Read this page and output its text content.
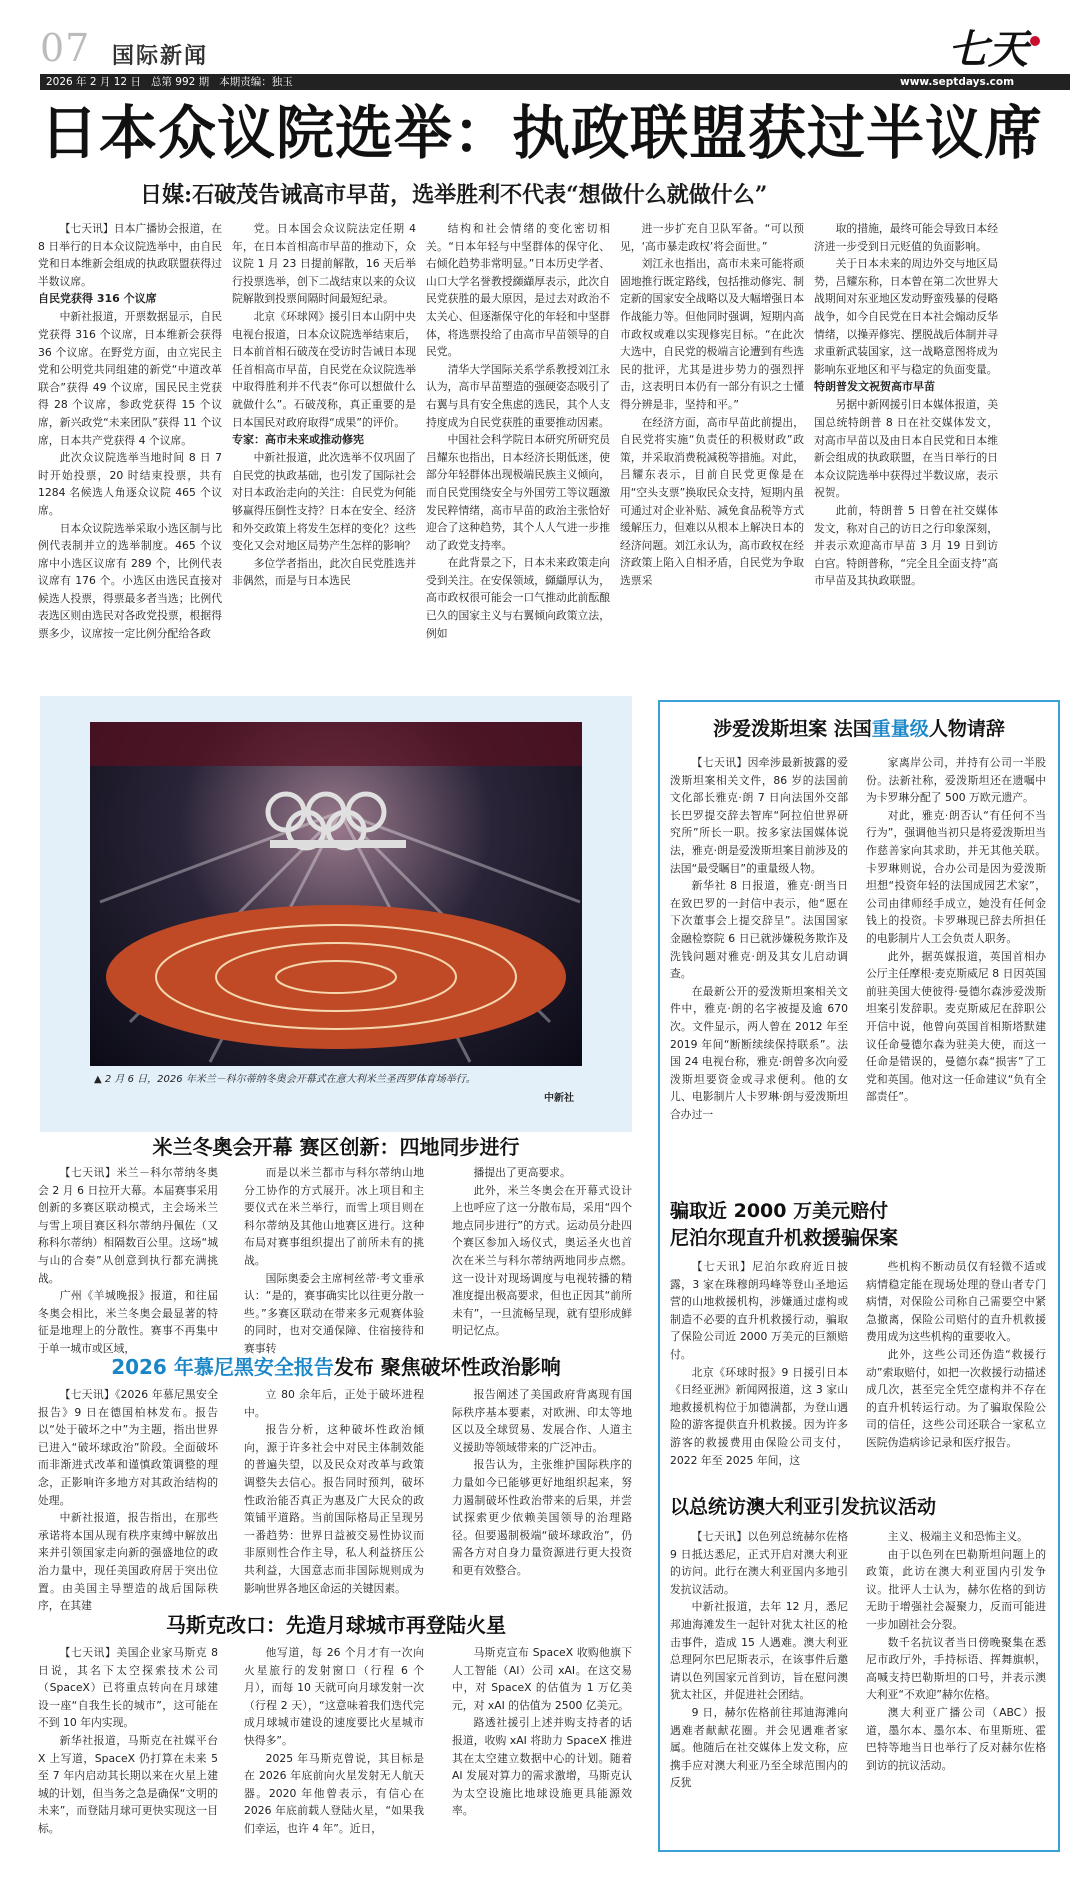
07 国际新闻
2026 年 2 月 12 日 总第 992 期 本期责编：独玉
七天
www.septdays.com
日本众议院选举：执政联盟获过半议席
日媒:石破茂告诫高市早苗，选举胜利不代表“想做什么就做什么”

【七天讯】日本广播协会报道，在 8 日举行的日本众议院选举中，由自民党和日本维新会组成的执政联盟获得过半数议席。

自民党获得 316 个议席

中新社报道，开票数据显示，自民党获得 316 个议席，日本维新会获得 36 个议席。在野党方面，由立宪民主党和公明党共同组建的新党“中道改革联合”获得 49 个议席，国民民主党获得 28 个议席，参政党获得 15 个议席，新兴政党“未来团队”获得 11 个议席，日本共产党获得 4 个议席。

此次众议院选举当地时间 8 日 7 时开始投票，20 时结束投票，共有 1284 名候选人角逐众议院 465 个议席。

日本众议院选举采取小选区制与比例代表制并立的选举制度。465 个议席中小选区议席有 289 个，比例代表议席有 176 个。小选区由选民直接对候选人投票，得票最多者当选；比例代表选区则由选民对各政党投票，根据得票多少，议席按一定比例分配给各政

党。日本国会众议院法定任期 4 年，在日本首相高市早苗的推动下，众议院 1 月 23 日提前解散，16 天后举行投票选举，创下二战结束以来的众议院解散到投票间隔时间最短纪录。

北京《环球网》援引日本山阴中央电视台报道，日本众议院选举结束后，日本前首相石破茂在受访时告诫日本现任首相高市早苗，自民党在众议院选举中取得胜利并不代表“你可以想做什么就做什么”。石破茂称，真正重要的是日本国民对政府取得“成果”的评价。

专家：高市未来或推动修宪

中新社报道，此次选举不仅巩固了自民党的执政基础，也引发了国际社会对日本政治走向的关注：自民党为何能够赢得压倒性支持？日本在安全、经济和外交政策上将发生怎样的变化？这些变化又会对地区局势产生怎样的影响？

多位学者指出，此次自民党胜选并非偶然，而是与日本选民

结构和社会情绪的变化密切相关。“日本年轻与中坚群体的保守化、右倾化趋势非常明显。”日本历史学者、山口大学名誉教授纐纈厚表示，此次自民党获胜的最大原因，是过去对政治不太关心、但逐渐保守化的年轻和中坚群体，将选票投给了由高市早苗领导的自民党。

清华大学国际关系学系教授刘江永认为，高市早苗塑造的强硬姿态吸引了右翼与具有安全焦虑的选民，其个人支持度成为自民党获胜的重要推动因素。

中国社会科学院日本研究所研究员吕耀东也指出，日本经济长期低迷，使部分年轻群体出现极端民族主义倾向，而自民党围绕安全与外国劳工等议题激发民粹情绪，高市早苗的政治主张恰好迎合了这种趋势，其个人人气进一步推动了政党支持率。

在此背景之下，日本未来政策走向受到关注。在安保领域，纐纈厚认为，高市政权很可能会一口气推动此前酝酿已久的国家主义与右翼倾向政策立法，例如

进一步扩充自卫队军备。“可以预见，‘高市暴走政权’将会面世。”

刘江永也指出，高市未来可能将顽固地推行既定路线，包括推动修宪、制定新的国家安全战略以及大幅增强日本作战能力等。但他同时强调，短期内高市政权或难以实现修宪目标。“在此次大选中，自民党的极端言论遭到有些选民的批评，尤其是进步势力的强烈抨击，这表明日本仍有一部分有识之士懂得分辨是非，坚持和平。”

在经济方面，高市早苗此前提出，自民党将实施“负责任的积极财政”政策，并采取消费税减税等措施。对此，吕耀东表示，目前自民党更像是在用“空头支票”换取民众支持，短期内虽可通过对企业补贴、减免食品税等方式缓解压力，但难以从根本上解决日本的经济问题。刘江永认为，高市政权在经济政策上陷入自相矛盾，自民党为争取选票采

取的措施，最终可能会导致日本经济进一步受到日元贬值的负面影响。

关于日本未来的周边外交与地区局势，吕耀东称，日本曾在第二次世界大战期间对东亚地区发动野蛮残暴的侵略战争，如今自民党在日本社会煽动反华情绪，以操弄修宪、摆脱战后体制并寻求重新武装国家，这一战略意图将成为影响东亚地区和平与稳定的负面变量。

特朗普发文祝贺高市早苗

另据中新网援引日本媒体报道，美国总统特朗普 8 日在社交媒体发文，对高市早苗以及由日本自民党和日本维新会组成的执政联盟，在当日举行的日本众议院选举中获得过半数议席，表示祝贺。

此前，特朗普 5 日曾在社交媒体发文，称对自己的访日之行印象深刻，并表示欢迎高市早苗 3 月 19 日到访白宫。特朗普称，“完全且全面支持”高市早苗及其执政联盟。

▲ 2 月 6 日，2026 年米兰－科尔蒂纳冬奥会开幕式在意大利米兰圣西罗体育场举行。
中新社
米兰冬奥会开幕 赛区创新：四地同步进行

【七天讯】米兰－科尔蒂纳冬奥会 2 月 6 日拉开大幕。本届赛事采用创新的多赛区联动模式，主会场米兰与雪上项目赛区科尔蒂纳丹佩佐（又称科尔蒂纳）相隔数百公里。这场“城与山的合奏”从创意到执行都充满挑战。

广州《羊城晚报》报道，和往届冬奥会相比，米兰冬奥会最显著的特征是地理上的分散性。赛事不再集中于单一城市或区域，

而是以米兰都市与科尔蒂纳山地分工协作的方式展开。冰上项目和主要仪式在米兰举行，而雪上项目则在科尔蒂纳及其他山地赛区进行。这种布局对赛事组织提出了前所未有的挑战。

国际奥委会主席柯丝蒂·考文垂承认：“是的，赛事确实比以往更分散一些。”多赛区联动在带来多元观赛体验的同时，也对交通保障、住宿接待和赛事转

播提出了更高要求。

此外，米兰冬奥会在开幕式设计上也呼应了这一分散布局，采用“四个地点同步进行”的方式。运动员分赴四个赛区参加入场仪式，奥运圣火也首次在米兰与科尔蒂纳两地同步点燃。这一设计对现场调度与电视转播的精准度提出极高要求，但也正因其“前所未有”，一旦流畅呈现，就有望形成鲜明记忆点。

2026 年慕尼黑安全报告发布 聚焦破坏性政治影响

【七天讯】《2026 年慕尼黑安全报告》9 日在德国柏林发布。报告以“处于破坏之中”为主题，指出世界已进入“破坏球政治”阶段。全面破坏而非渐进式改革和谨慎政策调整的理念，正影响许多地方对其政治结构的处理。

中新社报道，报告指出，在那些承诺将本国从现有秩序束缚中解放出来并引领国家走向新的强盛地位的政治力量中，现任美国政府居于突出位置。由美国主导塑造的战后国际秩序，在其建

立 80 余年后，正处于破坏进程中。

报告分析，这种破坏性政治倾向，源于许多社会中对民主体制效能的普遍失望，以及民众对改革与政策调整失去信心。报告同时预判，破坏性政治能否真正为惠及广大民众的政策铺平道路。当前国际格局正呈现另一番趋势：世界日益被交易性协议而非原则性合作主导，私人利益挤压公共利益，大国意志而非国际规则成为影响世界各地区命运的关键因素。

报告阐述了美国政府背离现有国际秩序基本要素，对欧洲、印太等地区以及全球贸易、发展合作、人道主义援助等领域带来的广泛冲击。

报告认为，主张维护国际秩序的力量如今已能够更好地组织起来，努力遏制破坏性政治带来的后果，并尝试探索更少依赖美国领导的治理路径。但要遏制极端“破坏球政治”，仍需各方对自身力量资源进行更大投资和更有效整合。

马斯克改口：先造月球城市再登陆火星

【七天讯】美国企业家马斯克 8 日说，其名下太空探索技术公司（SpaceX）已将重点转向在月球建设一座“自我生长的城市”，这可能在不到 10 年内实现。

新华社报道，马斯克在社媒平台 X 上写道，SpaceX 仍打算在未来 5 至 7 年内启动其长期以来在火星上建城的计划，但当务之急是确保“文明的未来”，而登陆月球可更快实现这一目标。

他写道，每 26 个月才有一次向火星旅行的发射窗口（行程 6 个月），而每 10 天就可向月球发射一次（行程 2 天），“这意味着我们迭代完成月球城市建设的速度要比火星城市快得多”。

2025 年马斯克曾说，其目标是在 2026 年底前向火星发射无人航天器。2020 年他曾表示，有信心在 2026 年底前载人登陆火星，“如果我们幸运，也许 4 年”。近日，

马斯克宣布 SpaceX 收购他旗下人工智能（AI）公司 xAI。在这交易中，对 SpaceX 的估值为 1 万亿美元，对 xAI 的估值为 2500 亿美元。

路透社援引上述并购支持者的话报道，收购 xAI 将助力 SpaceX 推进其在太空建立数据中心的计划。随着 AI 发展对算力的需求激增，马斯克认为太空设施比地球设施更具能源效率。

涉爱泼斯坦案 法国重量级人物请辞

【七天讯】因牵涉最新披露的爱泼斯坦案相关文件，86 岁的法国前文化部长雅克·朗 7 日向法国外交部长巴罗提交辞去智库“阿拉伯世界研究所”所长一职。按多家法国媒体说法，雅克·朗是爱泼斯坦案目前涉及的法国“最受瞩目”的重量级人物。

新华社 8 日报道，雅克·朗当日在致巴罗的一封信中表示，他“愿在下次董事会上提交辞呈”。法国国家金融检察院 6 日已就涉嫌税务欺诈及洗钱问题对雅克·朗及其女儿启动调查。

在最新公开的爱泼斯坦案相关文件中，雅克·朗的名字被提及逾 670 次。文件显示，两人曾在 2012 年至 2019 年间“断断续续保持联系”。法国 24 电视台称，雅克·朗曾多次向爱泼斯坦要资金或寻求便利。他的女儿、电影制片人卡罗琳·朗与爱泼斯坦合办过一

家离岸公司，并持有公司一半股份。法新社称，爱泼斯坦还在遗嘱中为卡罗琳分配了 500 万欧元遗产。

对此，雅克·朗否认“有任何不当行为”，强调他当初只是将爱泼斯坦当作慈善家向其求助，并无其他关联。卡罗琳则说，合办公司是因为爱泼斯坦想“投资年轻的法国成园艺术家”，公司由律师经手成立，她没有任何金钱上的投资。卡罗琳现已辞去所担任的电影制片人工会负责人职务。

此外，据英媒报道，英国首相办公厅主任摩根·麦克斯威尼 8 日因英国前驻美国大使彼得·曼德尔森涉爱泼斯坦案引发辞职。麦克斯威尼在辞职公开信中说，他曾向英国首相斯塔默建议任命曼德尔森为驻美大使，而这一任命是错误的，曼德尔森“损害”了工党和英国。他对这一任命建议“负有全部责任”。

骗取近 2000 万美元赔付
尼泊尔现直升机救援骗保案

【七天讯】尼泊尔政府近日披露，3 家在珠穆朗玛峰等登山圣地运营的山地救援机构，涉嫌通过虚构或制造不必要的直升机救援行动，骗取了保险公司近 2000 万美元的巨额赔付。

北京《环球时报》9 日援引日本《日经亚洲》新闻网报道，这 3 家山地救援机构位于加德满都，为登山遇险的游客提供直升机救援。因为许多游客的救援费用由保险公司支付，2022 年至 2025 年间，这

些机构不断动员仅有轻微不适或病情稳定能在现场处理的登山者专门病情，对保险公司称自己需要空中紧急撤离，保险公司赔付的直升机救援费用成为这些机构的重要收入。

此外，这些公司还伪造“救援行动”索取赔付，如把一次救援行动描述成几次，甚至完全凭空虚构并不存在的直升机转运行动。为了骗取保险公司的信任，这些公司还联合一家私立医院伪造病诊记录和医疗报告。

以总统访澳大利亚引发抗议活动

【七天讯】以色列总统赫尔佐格 9 日抵达悉尼，正式开启对澳大利亚的访问。此行在澳大利亚国内多地引发抗议活动。

中新社报道，去年 12 月，悉尼邦迪海滩发生一起针对犹太社区的枪击事件，造成 15 人遇难。澳大利亚总理阿尔巴尼斯表示，在该事件后邀请以色列国家元首到访，旨在慰问澳犹太社区，并促进社会团结。

9 日，赫尔佐格前往邦迪海滩向遇难者献献花圈。并会见遇难者家属。他随后在社交媒体上发文称，应携手应对澳大利亚乃至全球范围内的反犹

主义、极端主义和恐怖主义。

由于以色列在巴勒斯坦问题上的政策，此访在澳大利亚国内引发争议。批评人士认为，赫尔佐格的到访无助于增强社会凝聚力，反而可能进一步加剧社会分裂。

数千名抗议者当日傍晚聚集在悉尼市政厅外，手持标语、挥舞旗帜，高喊支持巴勒斯坦的口号，并表示澳大利亚“不欢迎”赫尔佐格。

澳大利亚广播公司（ABC）报道，墨尔本、墨尔本、布里斯班、霍巴特等地当日也举行了反对赫尔佐格到访的抗议活动。
